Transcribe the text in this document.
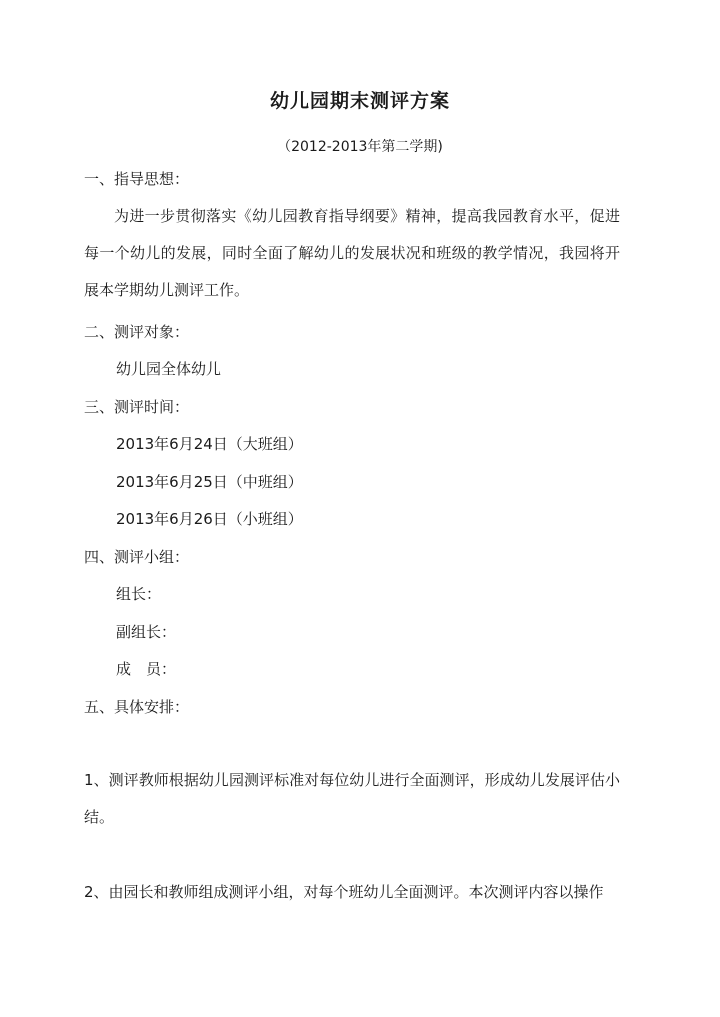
幼儿园期末测评方案
（2012-2013年第二学期)
一、指导思想：
为进一步贯彻落实《幼儿园教育指导纲要》精神，提高我园教育水平，促进每一个幼儿的发展，同时全面了解幼儿的发展状况和班级的教学情况，我园将开展本学期幼儿测评工作。
二、测评对象：
幼儿园全体幼儿
三、测评时间：
2013年6月24日（大班组）
2013年6月25日（中班组）
2013年6月26日（小班组）
四、测评小组：
组长：
副组长：
成　员：
五、具体安排：
1、测评教师根据幼儿园测评标准对每位幼儿进行全面测评，形成幼儿发展评估小结。
2、由园长和教师组成测评小组，对每个班幼儿全面测评。本次测评内容以操作
